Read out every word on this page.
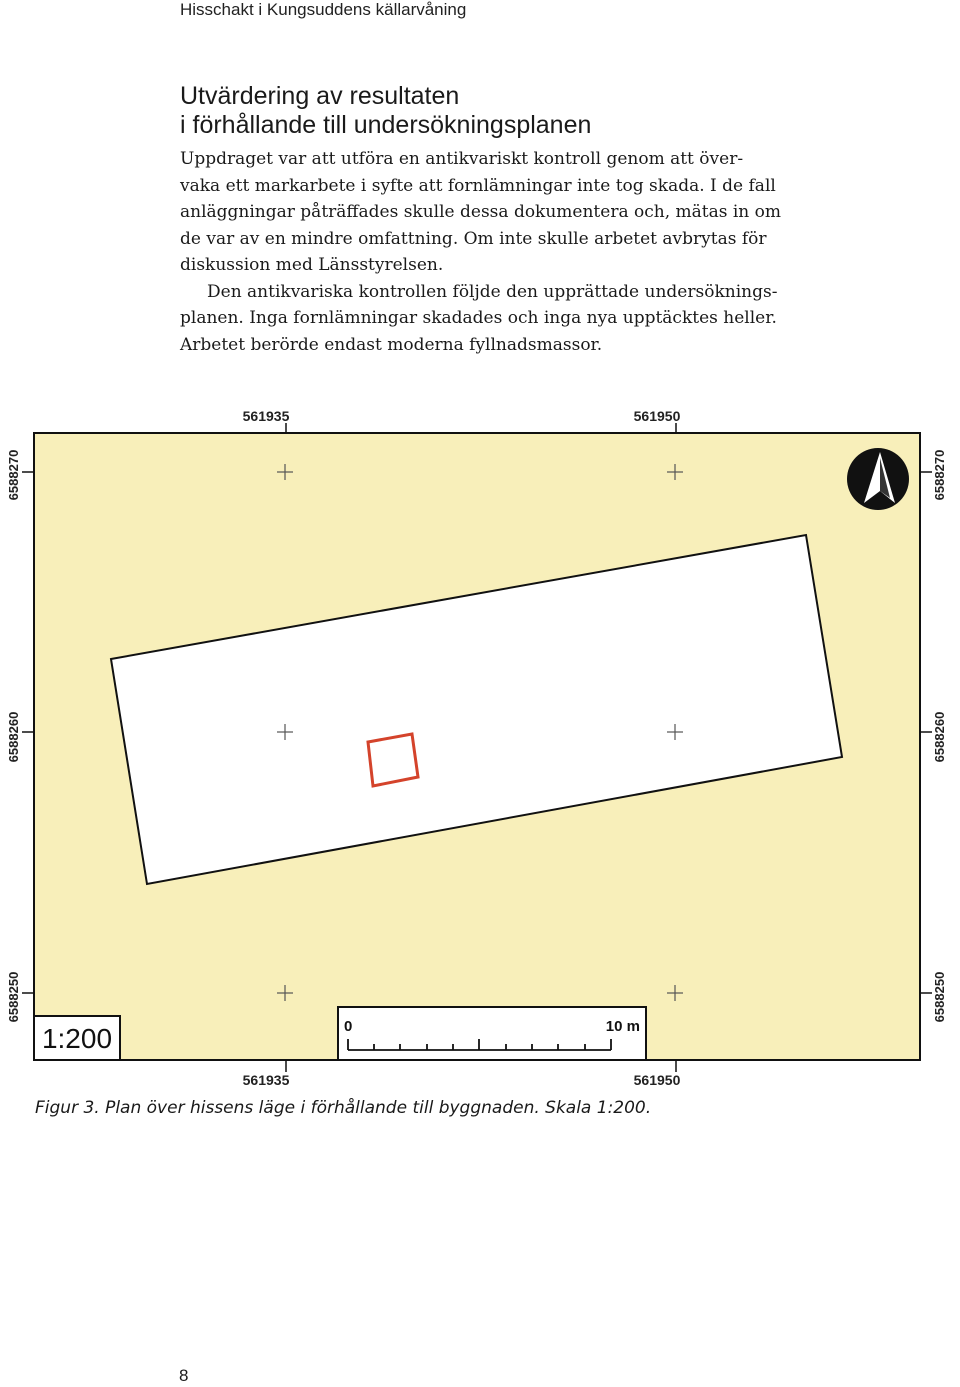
Hisschakt i Kungsuddens källarvåning
Utvärdering av resultaten
i förhållande till undersökningsplanen
Uppdraget var att utföra en antikvariskt kontroll genom att över-
vaka ett markarbete i syfte att fornlämningar inte tog skada. I de fall
anläggningar påträffades skulle dessa dokumentera och, mätas in om
de var av en mindre omfattning. Om inte skulle arbetet avbrytas för
diskussion med Länsstyrelsen.
Den antikvariska kontrollen följde den upprättade undersöknings-
planen. Inga fornlämningar skadades och inga nya upptäcktes heller.
Arbetet berörde endast moderna fyllnadsmassor.
561935	561950
6588270
6588260
6588250
6588270
6588260
6588250
1:200	0	10 m
561935	561950
Figur 3. Plan över hissens läge i förhållande till byggnaden. Skala 1:200.
8
